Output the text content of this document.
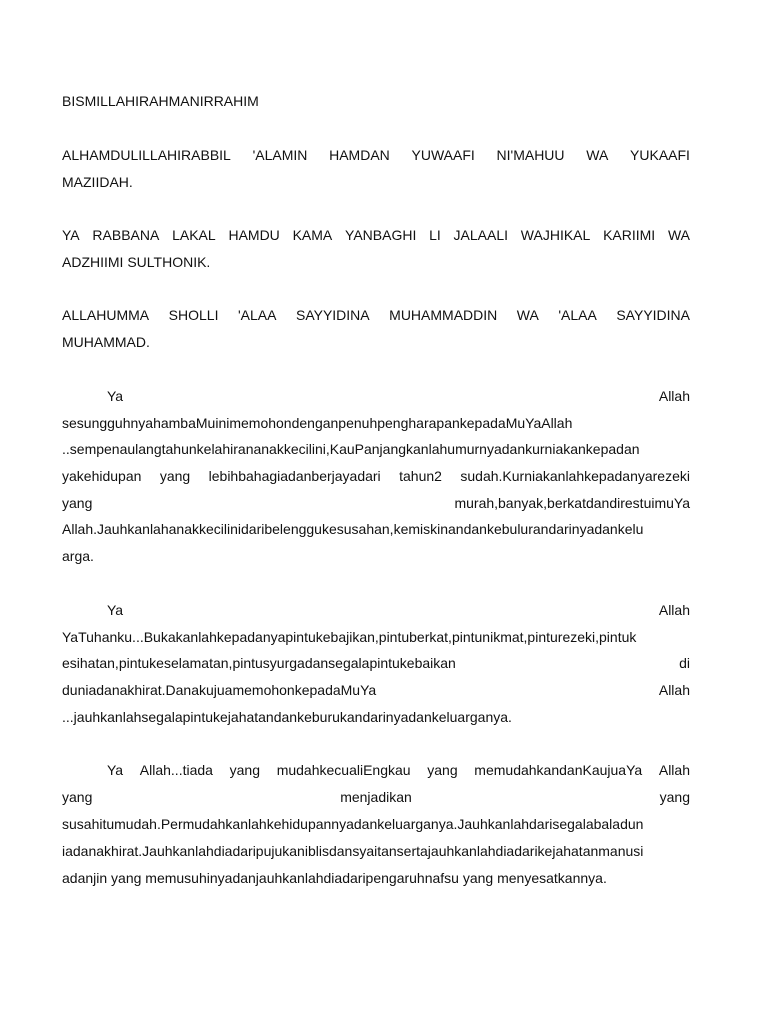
BISMILLAHIRAHMANIRRAHIM
ALHAMDULILLAHIRABBIL 'ALAMIN HAMDAN YUWAAFI NI'MAHUU WA YUKAAFI
MAZIIDAH.
YA RABBANA LAKAL HAMDU KAMA YANBAGHI LI JALAALI WAJHIKAL KARIIMI WA
ADZHIIMI SULTHONIK.
ALLAHUMMA SHOLLI 'ALAA SAYYIDINA MUHAMMADDIN WA 'ALAA SAYYIDINA
MUHAMMAD.
Ya	Allah
sesungguhnyahambaMuinimemohondenganpenuhpengharapankepadaMuYaAllah
..sempenaulangtahunkelahirananakkecilini,KauPanjangkanlahumurnyadankurniakankepadan
yakehidupan yang lebihbahagiadanberjayadari tahun2 sudah.Kurniakanlahkepadanyarezeki
yang	murah,banyak,berkatdandirestuimuYa
Allah.Jauhkanlahanakkecilinidaribelenggukesusahan,kemiskinandankebulurandarinyadankelu
arga.
Ya	Allah
YaTuhanku...Bukakanlahkepadanyapintukebajikan,pintuberkat,pintunikmat,pinturezeki,pintuk
esihatan,pintukeselamatan,pintusyurgadansegalapintukebaikan	di
duniadanakhirat.DanakujuamemohonkepadaMuYa	Allah
...jauhkanlahsegalapintukejahatandankeburukandarinyadankeluarganya.
Ya Allah...tiada yang mudahkecualiEngkau yang memudahkandanKaujuaYa Allah
yang	menjadikan	yang
susahitumudah.Permudahkanlahkehidupannyadankeluarganya.Jauhkanlahdarisegalabaladun
iadanakhirat.Jauhkanlahdiadaripujukaniblisdansyaitansertajauhkanlahdiadarikejahatanmanusi
adanjin yang memusuhinyadanjauhkanlahdiadaripengaruhnafsu yang menyesatkannya.
